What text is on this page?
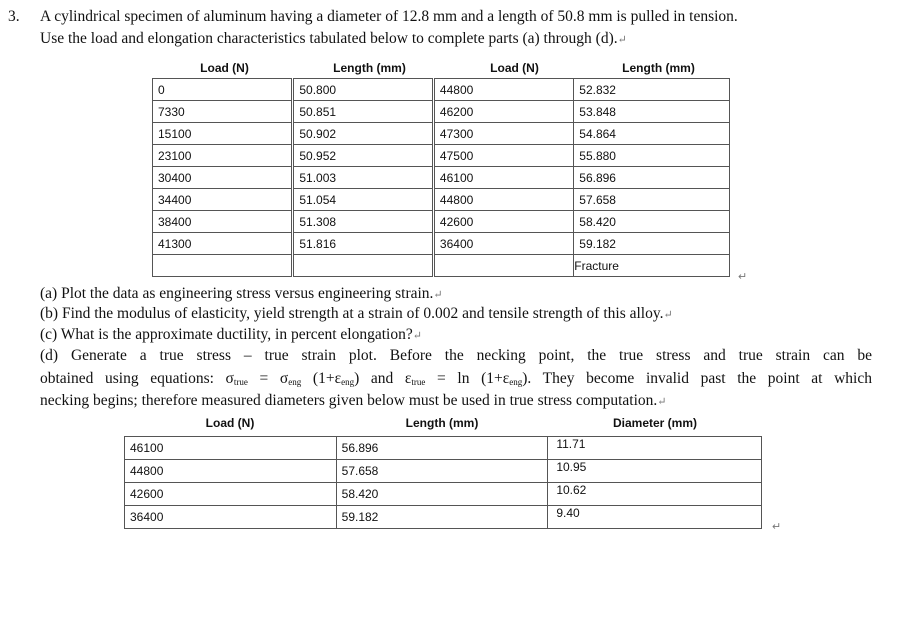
3. A cylindrical specimen of aluminum having a diameter of 12.8 mm and a length of 50.8 mm is pulled in tension.
Use the load and elongation characteristics tabulated below to complete parts (a) through (d).↵
Load (N)	Length (mm)	Load (N)	Length (mm)
0	50.800	44800	52.832
7330	50.851	46200	53.848
15100	50.902	47300	54.864
23100	50.952	47500	55.880
30400	51.003	46100	56.896
34400	51.054	44800	57.658
38400	51.308	42600	58.420
41300	51.816	36400	59.182
			Fracture
↵
(a) Plot the data as engineering stress versus engineering strain.↵
(b) Find the modulus of elasticity, yield strength at a strain of 0.002 and tensile strength of this alloy.↵
(c) What is the approximate ductility, in percent elongation?↵
(d) Generate a true stress – true strain plot. Before the necking point, the true stress and true strain can be
obtained using equations: $\sigma_{true} = \sigma_{eng}$ $(1+\varepsilon_{eng})$ and $\varepsilon_{true} = \ln (1+\varepsilon_{eng})$. They become invalid past the point at which
necking begins; therefore measured diameters given below must be used in true stress computation.↵
Load (N)	Length (mm)	Diameter (mm)
46100	56.896	11.71
44800	57.658	10.95
42600	58.420	10.62
36400	59.182	9.40
↵
